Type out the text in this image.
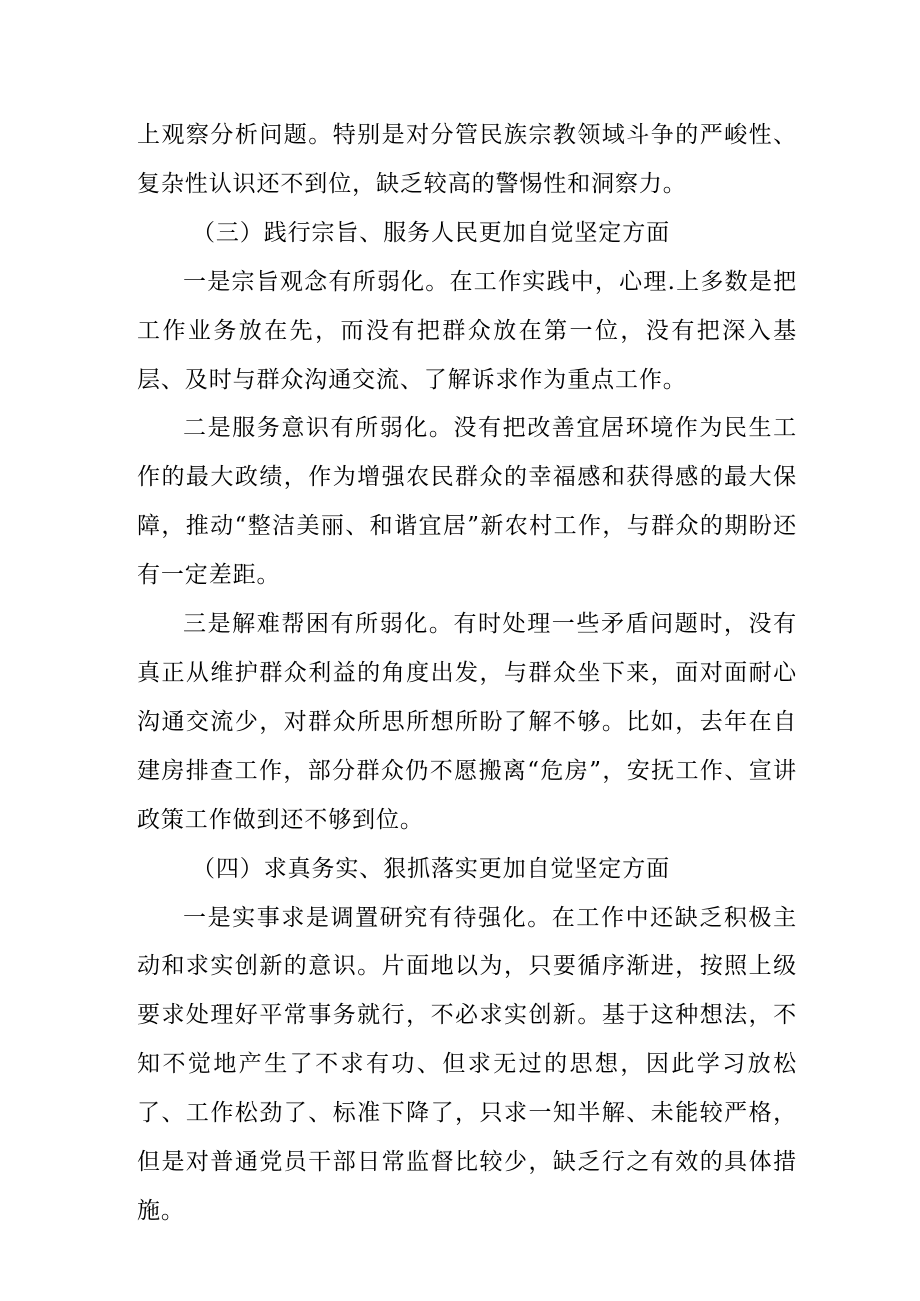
上观察分析问题。特别是对分管民族宗教领域斗争的严峻性、复杂性认识还不到位，缺乏较高的警惕性和洞察力。

（三）践行宗旨、服务人民更加自觉坚定方面

一是宗旨观念有所弱化。在工作实践中，心理.上多数是把工作业务放在先，而没有把群众放在第一位，没有把深入基层、及时与群众沟通交流、了解诉求作为重点工作。

二是服务意识有所弱化。没有把改善宜居环境作为民生工作的最大政绩，作为增强农民群众的幸福感和获得感的最大保障，推动“整洁美丽、和谐宜居”新农村工作，与群众的期盼还有一定差距。

三是解难帮困有所弱化。有时处理一些矛盾问题时，没有真正从维护群众利益的角度出发，与群众坐下来，面对面耐心沟通交流少，对群众所思所想所盼了解不够。比如，去年在自建房排查工作，部分群众仍不愿搬离“危房”，安抚工作、宣讲政策工作做到还不够到位。

（四）求真务实、狠抓落实更加自觉坚定方面

一是实事求是调置研究有待强化。在工作中还缺乏积极主动和求实创新的意识。片面地以为，只要循序渐进，按照上级要求处理好平常事务就行，不必求实创新。基于这种想法，不知不觉地产生了不求有功、但求无过的思想，因此学习放松了、工作松劲了、标准下降了，只求一知半解、未能较严格，但是对普通党员干部日常监督比较少，缺乏行之有效的具体措施。
